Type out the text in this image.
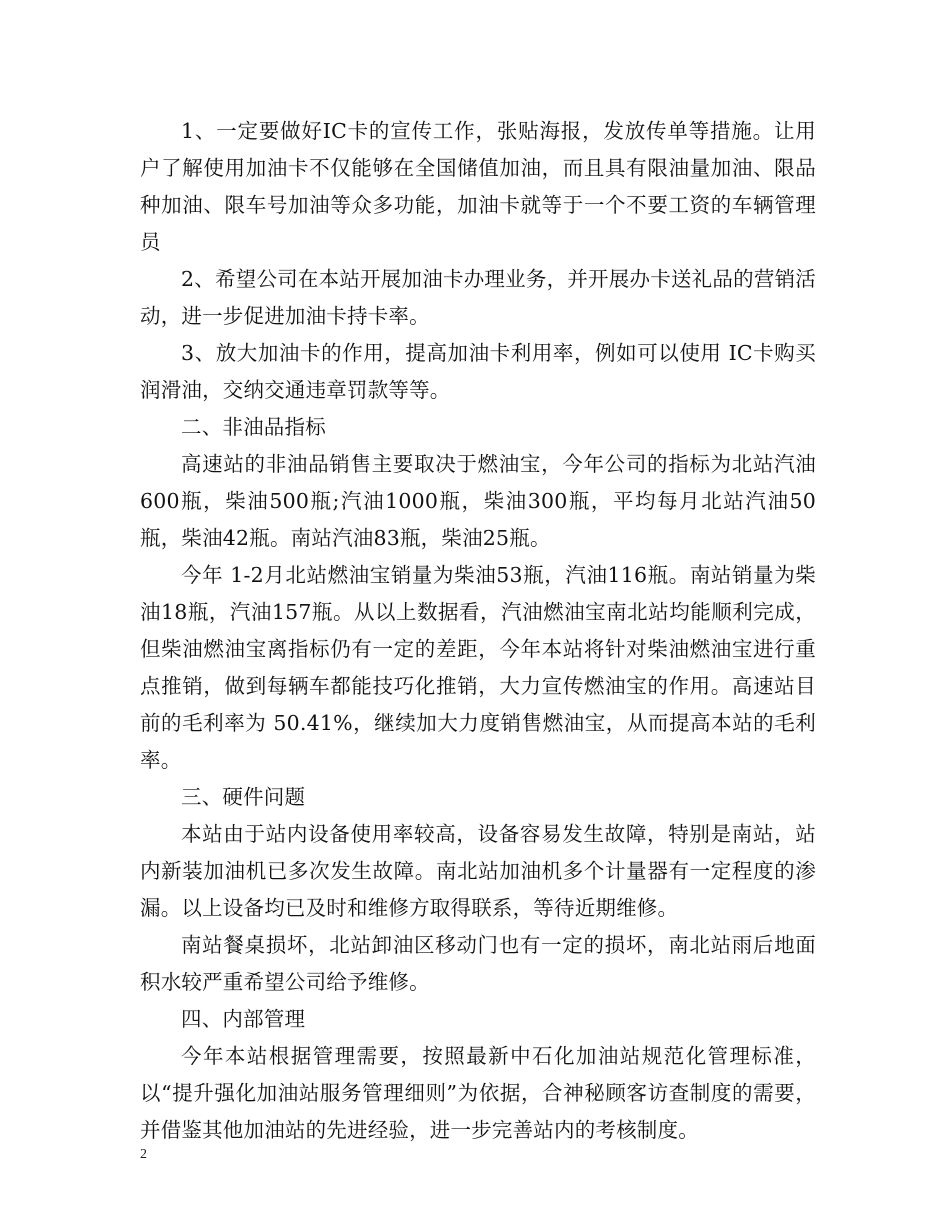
1、一定要做好IC卡的宣传工作，张贴海报，发放传单等措施。让用户了解使用加油卡不仅能够在全国储值加油，而且具有限油量加油、限品种加油、限车号加油等众多功能，加油卡就等于一个不要工资的车辆管理员

2、希望公司在本站开展加油卡办理业务，并开展办卡送礼品的营销活动，进一步促进加油卡持卡率。

3、放大加油卡的作用，提高加油卡利用率，例如可以使用 IC卡购买润滑油，交纳交通违章罚款等等。

二、非油品指标

高速站的非油品销售主要取决于燃油宝，今年公司的指标为北站汽油600瓶，柴油500瓶;汽油1000瓶，柴油300瓶，平均每月北站汽油50瓶，柴油42瓶。南站汽油83瓶，柴油25瓶。

今年 1-2月北站燃油宝销量为柴油53瓶，汽油116瓶。南站销量为柴油18瓶，汽油157瓶。从以上数据看，汽油燃油宝南北站均能顺利完成，但柴油燃油宝离指标仍有一定的差距，今年本站将针对柴油燃油宝进行重点推销，做到每辆车都能技巧化推销，大力宣传燃油宝的作用。高速站目前的毛利率为 50.41%，继续加大力度销售燃油宝，从而提高本站的毛利率。

三、硬件问题

本站由于站内设备使用率较高，设备容易发生故障，特别是南站，站内新装加油机已多次发生故障。南北站加油机多个计量器有一定程度的渗漏。以上设备均已及时和维修方取得联系，等待近期维修。

南站餐桌损坏，北站卸油区移动门也有一定的损坏，南北站雨后地面积水较严重希望公司给予维修。

四、内部管理

今年本站根据管理需要，按照最新中石化加油站规范化管理标准，以“提升强化加油站服务管理细则”为依据，合神秘顾客访查制度的需要，并借鉴其他加油站的先进经验，进一步完善站内的考核制度。

2
